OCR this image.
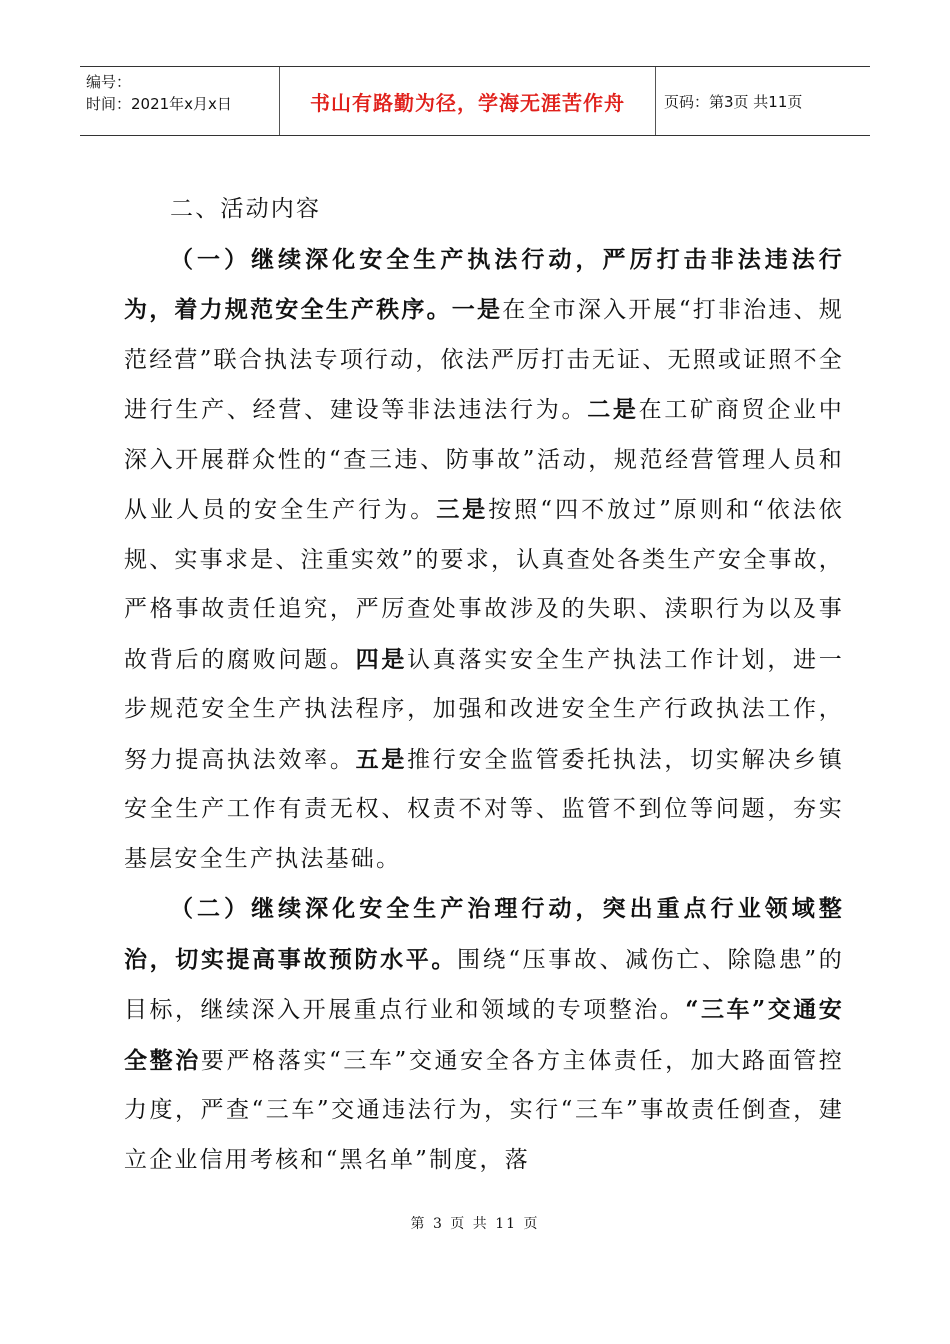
编号：
时间：2021年x月x日	书山有路勤为径，学海无涯苦作舟	页码：第3页 共11页

二、活动内容

（一）继续深化安全生产执法行动，严厉打击非法违法行为，着力规范安全生产秩序。一是在全市深入开展“打非治违、规范经营”联合执法专项行动，依法严厉打击无证、无照或证照不全进行生产、经营、建设等非法违法行为。二是在工矿商贸企业中深入开展群众性的“查三违、防事故”活动，规范经营管理人员和从业人员的安全生产行为。三是按照“四不放过”原则和“依法依规、实事求是、注重实效”的要求，认真查处各类生产安全事故，严格事故责任追究，严厉查处事故涉及的失职、渎职行为以及事故背后的腐败问题。四是认真落实安全生产执法工作计划，进一步规范安全生产执法程序，加强和改进安全生产行政执法工作，努力提高执法效率。五是推行安全监管委托执法，切实解决乡镇安全生产工作有责无权、权责不对等、监管不到位等问题，夯实基层安全生产执法基础。

（二）继续深化安全生产治理行动，突出重点行业领域整治，切实提高事故预防水平。围绕“压事故、减伤亡、除隐患”的目标，继续深入开展重点行业和领域的专项整治。“三车”交通安全整治要严格落实“三车”交通安全各方主体责任，加大路面管控力度，严查“三车”交通违法行为，实行“三车”事故责任倒查，建立企业信用考核和“黑名单”制度，落

第 3 页 共 11 页
